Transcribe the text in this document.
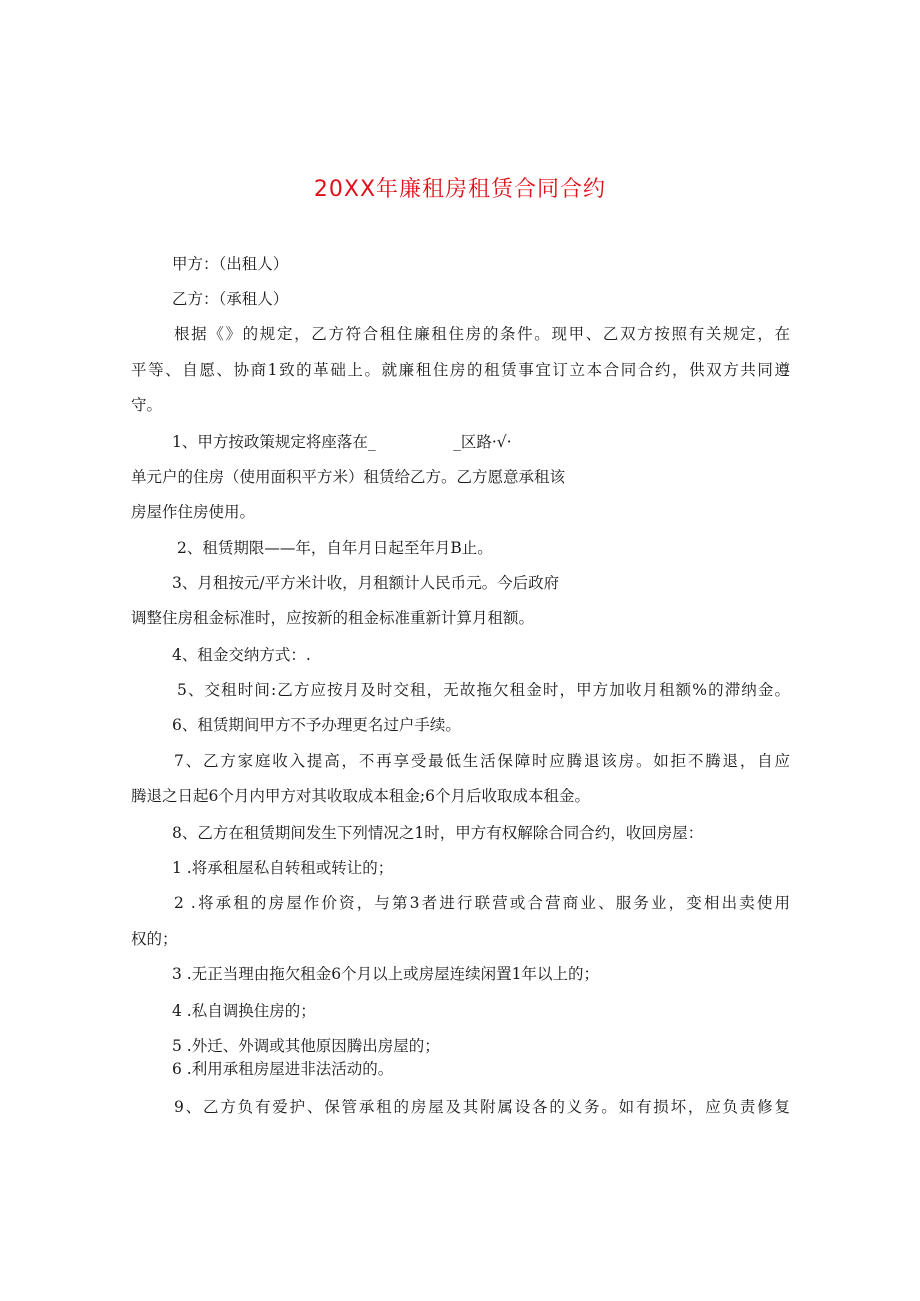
20XX年廉租房租赁合同合约
甲方：（出租人）
乙方：（承租人）
根据《》的规定，乙方符合租住廉租住房的条件。现甲、乙双方按照有关规定，在
平等、自愿、协商1致的革础上。就廉租住房的租赁事宜订立本合同合约，供双方共同遵
守。
1、甲方按政策规定将座落在_　　　　　_区路·√·
单元户的住房（使用面积平方米）租赁给乙方。乙方愿意承租该
房屋作住房使用。
2、租赁期限——年，自年月日起至年月B止。
3、月租按元/平方米计收，月租额计人民币元。今后政府
调整住房租金标准时，应按新的租金标准重新计算月租额。
4、租金交纳方式：.
5、交租时间:乙方应按月及时交租，无故拖欠租金时，甲方加收月租额%的滞纳金。
6、租赁期间甲方不予办理更名过户手续。
7、乙方家庭收入提高，不再享受最低生活保障时应腾退该房。如拒不腾退，自应
腾退之日起6个月内甲方对其收取成本租金;6个月后收取成本租金。
8、乙方在租赁期间发生下列情况之1时，甲方有权解除合同合约，收回房屋：
1 .将承租屋私自转租或转让的；
2 .将承租的房屋作价资，与第3者进行联营或合营商业、服务业，变相出卖使用
权的；
3 .无正当理由拖欠租金6个月以上或房屋连续闲置1年以上的；
4 .私自调换住房的；
5 .外迁、外调或其他原因腾出房屋的；
6 .利用承租房屋进非法活动的。
9、乙方负有爱护、保管承租的房屋及其附属设各的义务。如有损坏，应负责修复
